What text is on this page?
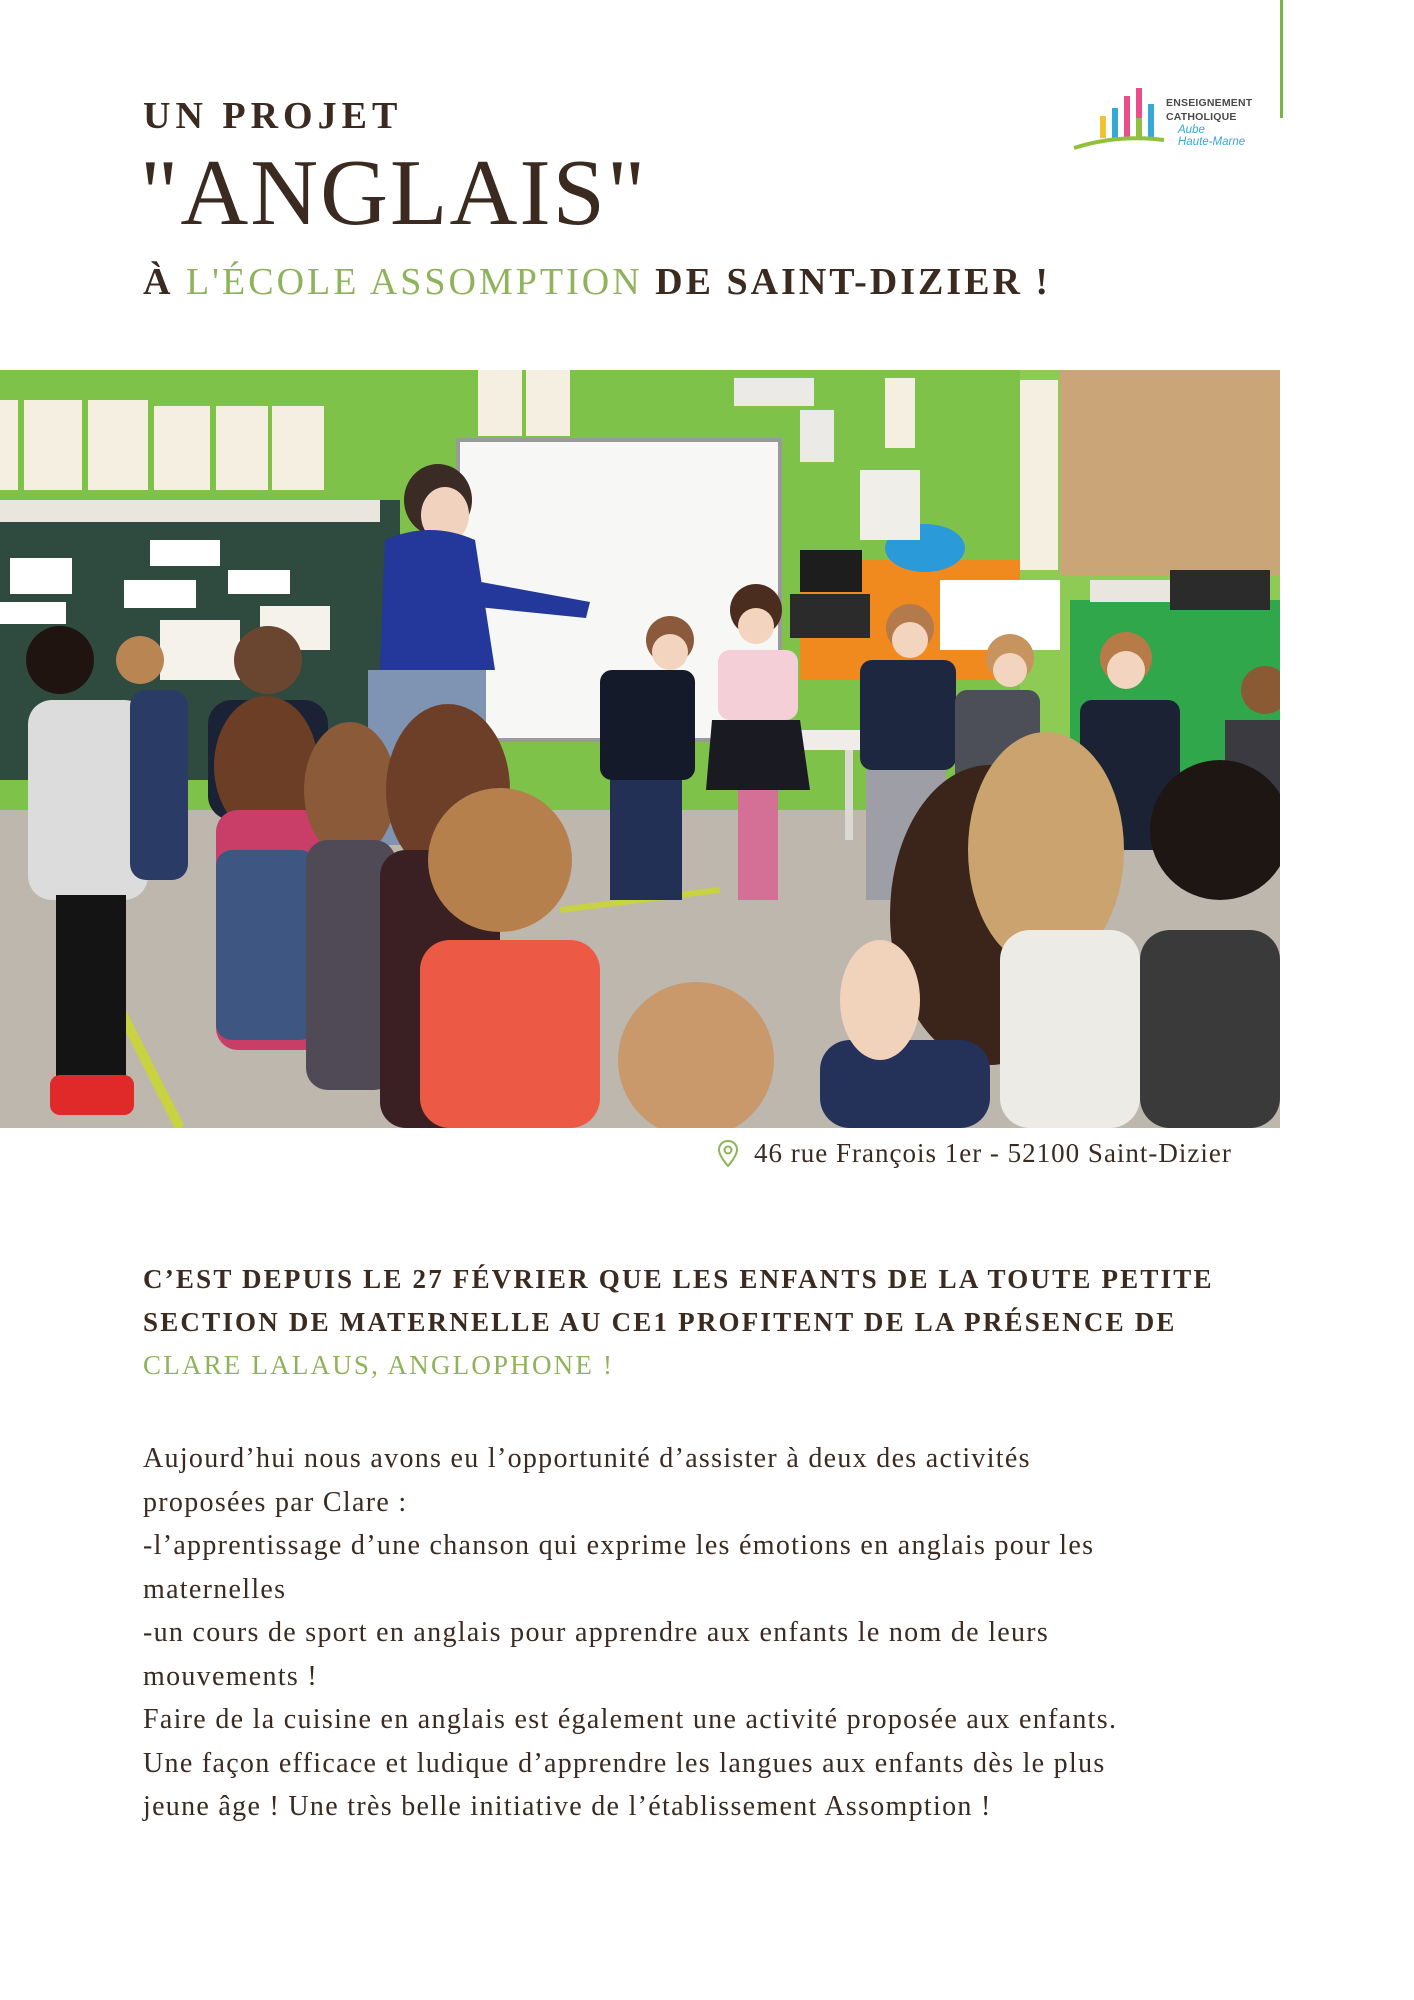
ENSEIGNEMENT
CATHOLIQUE
Aube
Haute-Marne
UN PROJET
"ANGLAIS"
À L'ÉCOLE ASSOMPTION DE SAINT-DIZIER !
46 rue François 1er - 52100 Saint-Dizier
C’EST DEPUIS LE 27 FÉVRIER QUE LES ENFANTS DE LA TOUTE PETITE
SECTION DE MATERNELLE AU CE1 PROFITENT DE LA PRÉSENCE DE
CLARE LALAUS, ANGLOPHONE !

Aujourd’hui nous avons eu l’opportunité d’assister à deux des activités

proposées par Clare :

-l’apprentissage d’une chanson qui exprime les émotions en anglais pour les

maternelles

-un cours de sport en anglais pour apprendre aux enfants le nom de leurs

mouvements !

Faire de la cuisine en anglais est également une activité proposée aux enfants.

Une façon efficace et ludique d’apprendre les langues aux enfants dès le plus

jeune âge ! Une très belle initiative de l’établissement Assomption !
